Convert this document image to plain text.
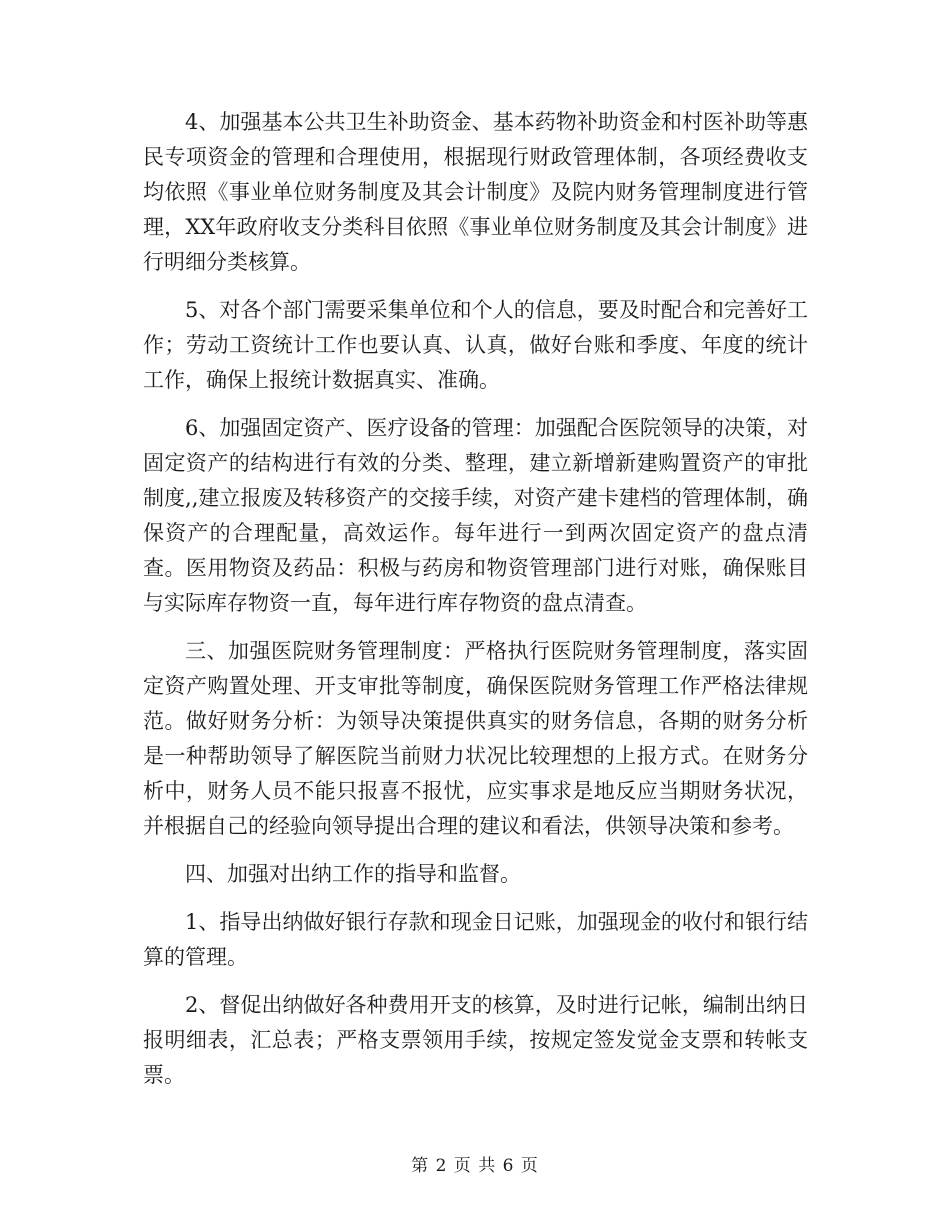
4、加强基本公共卫生补助资金、基本药物补助资金和村医补助等惠民专项资金的管理和合理使用，根据现行财政管理体制，各项经费收支均依照《事业单位财务制度及其会计制度》及院内财务管理制度进行管理，XX年政府收支分类科目依照《事业单位财务制度及其会计制度》进行明细分类核算。

5、对各个部门需要采集单位和个人的信息，要及时配合和完善好工作；劳动工资统计工作也要认真、认真，做好台账和季度、年度的统计工作，确保上报统计数据真实、准确。

6、加强固定资产、医疗设备的管理：加强配合医院领导的决策，对固定资产的结构进行有效的分类、整理，建立新增新建购置资产的审批制度,,建立报废及转移资产的交接手续，对资产建卡建档的管理体制，确保资产的合理配量，高效运作。每年进行一到两次固定资产的盘点清查。医用物资及药品：积极与药房和物资管理部门进行对账，确保账目与实际库存物资一直，每年进行库存物资的盘点清查。

三、加强医院财务管理制度：严格执行医院财务管理制度，落实固定资产购置处理、开支审批等制度，确保医院财务管理工作严格法律规范。做好财务分析：为领导决策提供真实的财务信息，各期的财务分析是一种帮助领导了解医院当前财力状况比较理想的上报方式。在财务分析中，财务人员不能只报喜不报忧，应实事求是地反应当期财务状况，并根据自己的经验向领导提出合理的建议和看法，供领导决策和参考。

四、加强对出纳工作的指导和监督。

1、指导出纳做好银行存款和现金日记账，加强现金的收付和银行结算的管理。

2、督促出纳做好各种费用开支的核算，及时进行记帐，编制出纳日报明细表，汇总表；严格支票领用手续，按规定签发觉金支票和转帐支票。

第 2 页 共 6 页
